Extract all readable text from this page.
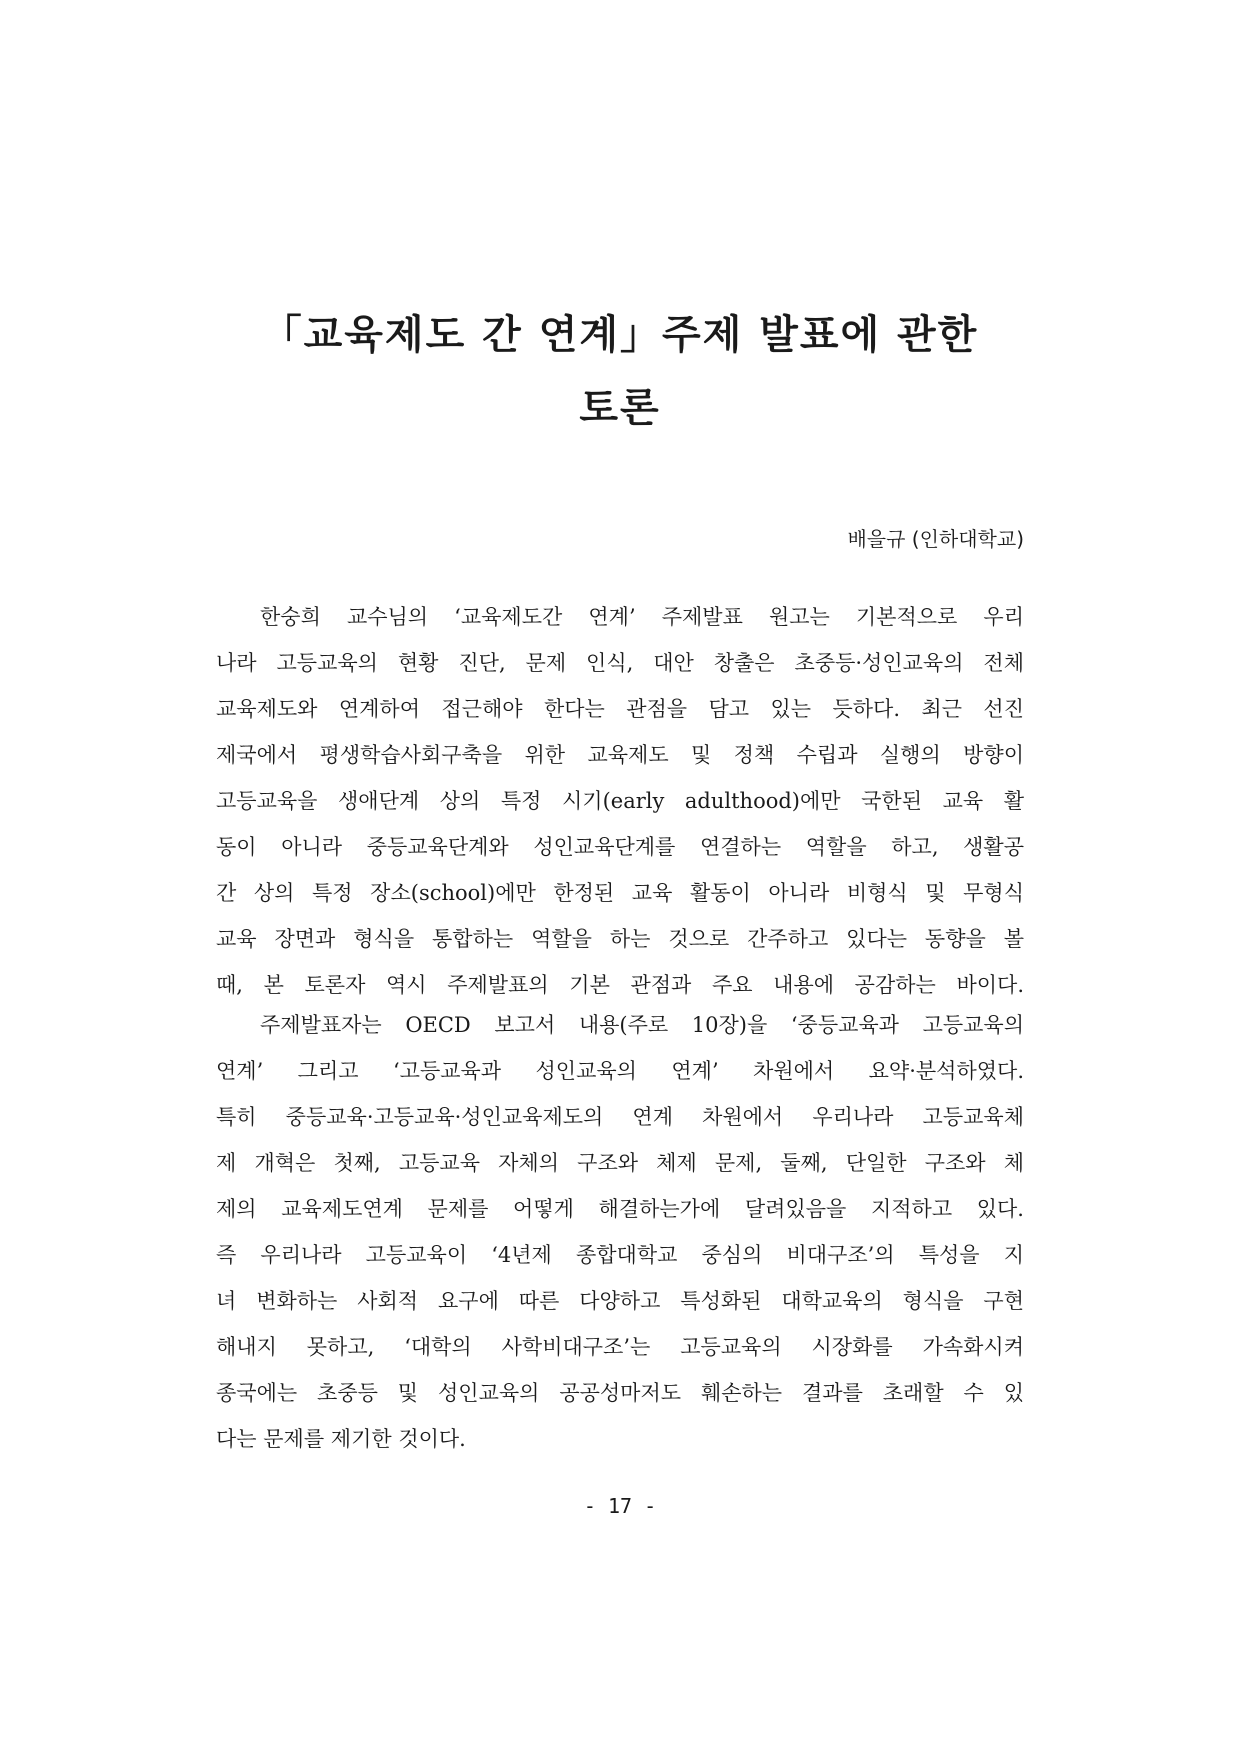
「교육제도 간 연계」주제 발표에 관한
토론
배을규 (인하대학교)
한숭희 교수님의 ‘교육제도간 연계’ 주제발표 원고는 기본적으로 우리
나라 고등교육의 현황 진단, 문제 인식, 대안 창출은 초중등·성인교육의 전체
교육제도와 연계하여 접근해야 한다는 관점을 담고 있는 듯하다. 최근 선진
제국에서 평생학습사회구축을 위한 교육제도 및 정책 수립과 실행의 방향이
고등교육을 생애단계 상의 특정 시기(early adulthood)에만 국한된 교육 활
동이 아니라 중등교육단계와 성인교육단계를 연결하는 역할을 하고, 생활공
간 상의 특정 장소(school)에만 한정된 교육 활동이 아니라 비형식 및 무형식
교육 장면과 형식을 통합하는 역할을 하는 것으로 간주하고 있다는 동향을 볼
때, 본 토론자 역시 주제발표의 기본 관점과 주요 내용에 공감하는 바이다.
주제발표자는 OECD 보고서 내용(주로 10장)을 ‘중등교육과 고등교육의
연계’ 그리고 ‘고등교육과 성인교육의 연계’ 차원에서 요약·분석하였다.
특히 중등교육·고등교육·성인교육제도의 연계 차원에서 우리나라 고등교육체
제 개혁은 첫째, 고등교육 자체의 구조와 체제 문제, 둘째, 단일한 구조와 체
제의 교육제도연계 문제를 어떻게 해결하는가에 달려있음을 지적하고 있다.
즉 우리나라 고등교육이 ‘4년제 종합대학교 중심의 비대구조’의 특성을 지
녀 변화하는 사회적 요구에 따른 다양하고 특성화된 대학교육의 형식을 구현
해내지 못하고, ‘대학의 사학비대구조’는 고등교육의 시장화를 가속화시켜
종국에는 초중등 및 성인교육의 공공성마저도 훼손하는 결과를 초래할 수 있
다는 문제를 제기한 것이다.
- 17 -
